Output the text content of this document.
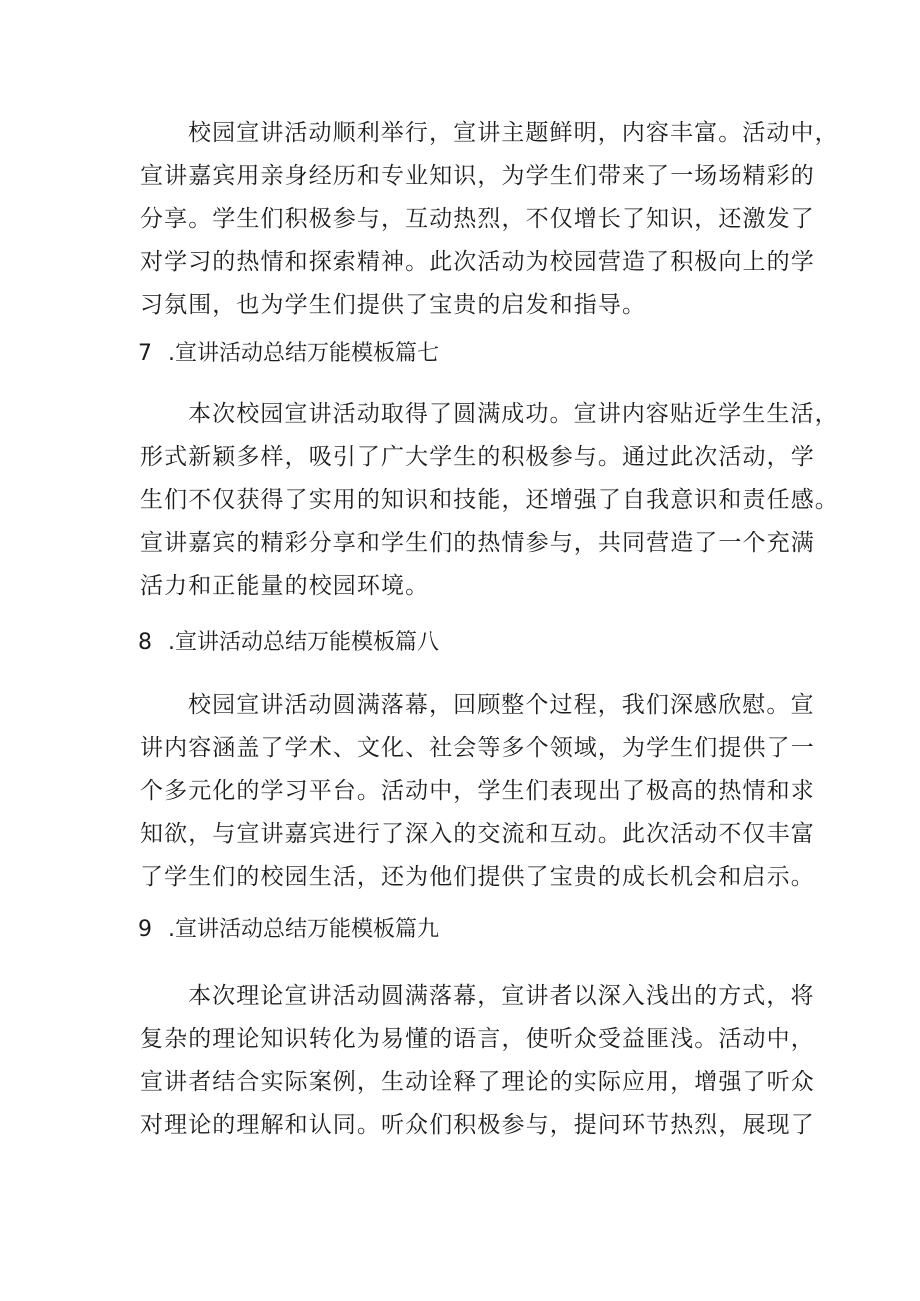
校园宣讲活动顺利举行，宣讲主题鲜明，内容丰富。活动中，
宣讲嘉宾用亲身经历和专业知识，为学生们带来了一场场精彩的
分享。学生们积极参与，互动热烈，不仅增长了知识，还激发了
对学习的热情和探索精神。此次活动为校园营造了积极向上的学
习氛围，也为学生们提供了宝贵的启发和指导。
7 .宣讲活动总结万能模板篇七
本次校园宣讲活动取得了圆满成功。宣讲内容贴近学生生活，
形式新颖多样，吸引了广大学生的积极参与。通过此次活动，学
生们不仅获得了实用的知识和技能，还增强了自我意识和责任感。
宣讲嘉宾的精彩分享和学生们的热情参与，共同营造了一个充满
活力和正能量的校园环境。
8 .宣讲活动总结万能模板篇八
校园宣讲活动圆满落幕，回顾整个过程，我们深感欣慰。宣
讲内容涵盖了学术、文化、社会等多个领域，为学生们提供了一
个多元化的学习平台。活动中，学生们表现出了极高的热情和求
知欲，与宣讲嘉宾进行了深入的交流和互动。此次活动不仅丰富
了学生们的校园生活，还为他们提供了宝贵的成长机会和启示。
9 .宣讲活动总结万能模板篇九
本次理论宣讲活动圆满落幕，宣讲者以深入浅出的方式，将
复杂的理论知识转化为易懂的语言，使听众受益匪浅。活动中，
宣讲者结合实际案例，生动诠释了理论的实际应用，增强了听众
对理论的理解和认同。听众们积极参与，提问环节热烈，展现了
